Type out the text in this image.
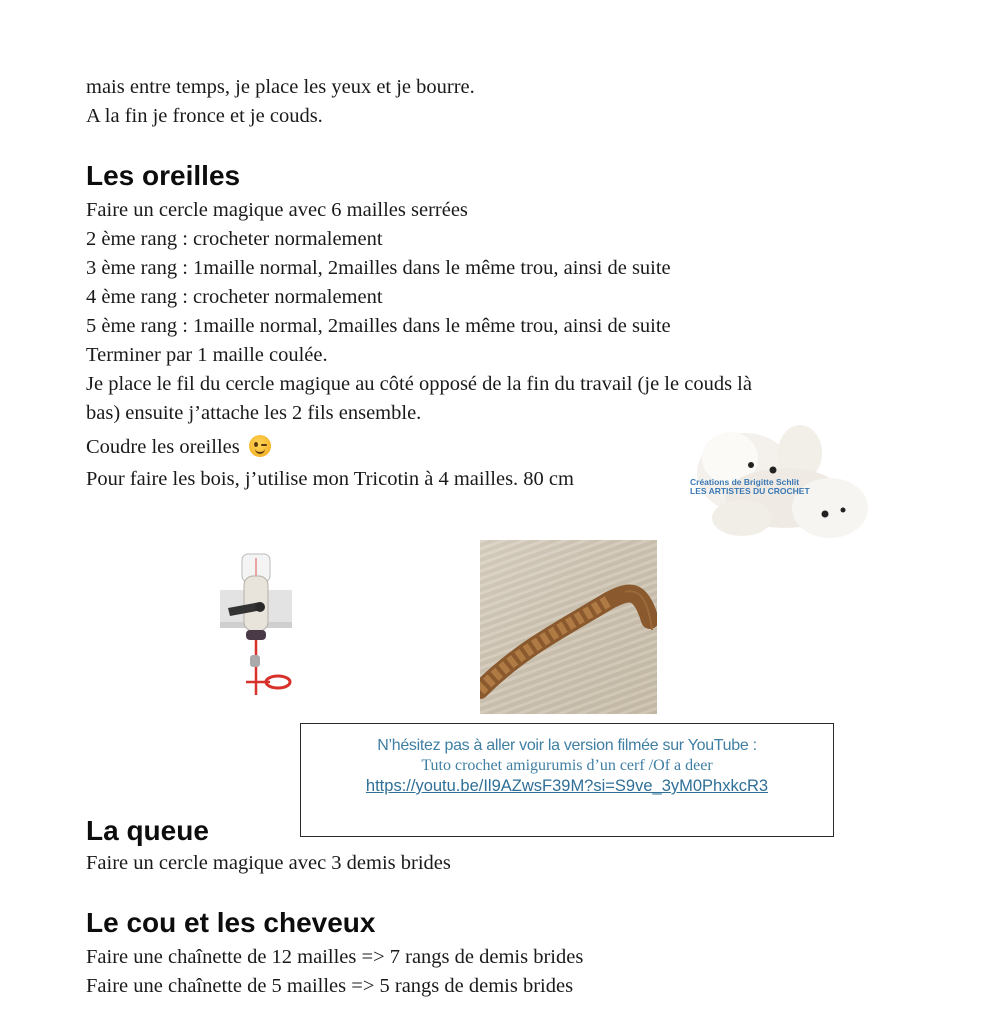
mais entre temps, je place les yeux et je bourre.
A la fin je fronce et je couds.
Les oreilles
Faire un cercle magique avec 6 mailles serrées
2 ème rang : crocheter normalement
3 ème rang : 1maille normal, 2mailles dans le même trou, ainsi de suite
4 ème rang : crocheter normalement
5 ème rang : 1maille normal, 2mailles dans le même trou, ainsi de suite
Terminer par 1 maille coulée.
Je place le fil du cercle magique au côté opposé de la fin du travail (je le couds là
bas) ensuite j’attache les 2 fils ensemble.
Coudre les oreilles
Pour faire les bois, j’utilise mon Tricotin à 4 mailles. 80 cm	Créations de Brigitte Schlit
LES ARTISTES DU CROCHET
N’hésitez pas à aller voir la version filmée sur YouTube :
Tuto crochet amigurumis d’un cerf /Of a deer
https://youtu.be/Il9AZwsF39M?si=S9ve_3yM0PhxkcR3
La queue
Faire un cercle magique avec 3 demis brides
Le cou et les cheveux
Faire une chaînette de 12 mailles => 7 rangs de demis brides
Faire une chaînette de 5 mailles => 5 rangs de demis brides
